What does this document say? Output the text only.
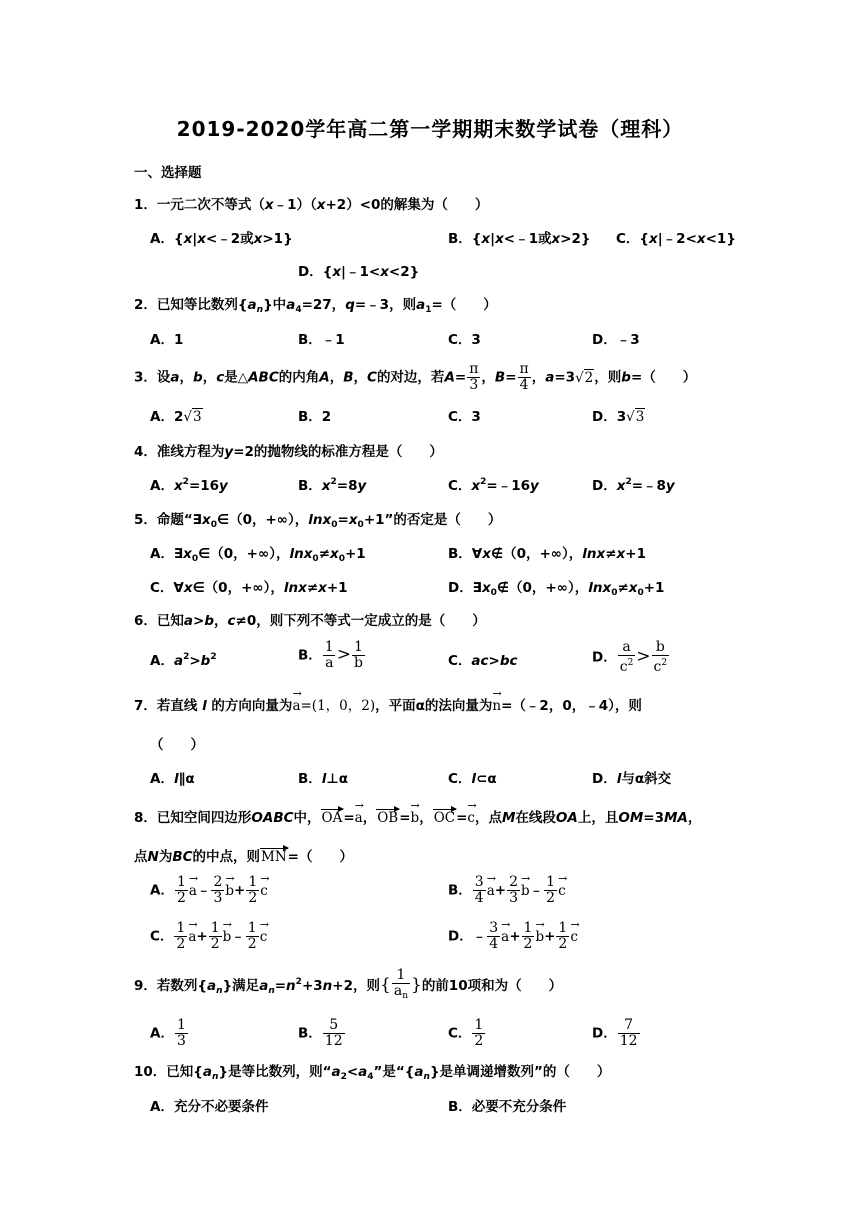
2019-2020学年高二第一学期期末数学试卷（理科）
一、选择题
1．一元二次不等式（x﹣1）（x+2）<0的解集为（　　）
A．{x|x<﹣2或x>1}	B．{x|x<﹣1或x>2} C．{x|﹣2<x<1}
D．{x|﹣1<x<2}
2．已知等比数列$\{a_n\}$中$a_4=27$，q=﹣3，则$a_1=$（　　）
A．1	B．﹣1	C．3	D．﹣3
3．设a，b，c是△ABC的内角A，B，C的对边，若$A= \frac{\pi}{3}$ ，$B= \frac{\pi}{4}$ ，a=3√2，则b=（　　）
A．2√3	B．2	C．3	D．3√3
4．准线方程为y=2的抛物线的标准方程是（　　）
A．$x^2=16y$	B．$x^2=8y$	C．$x^2=﹣16y$	D．$x^2=﹣8y$
5．命题“$\exists x_0\in(0$，+∞），$\ln x_0=x_0+1$”的否定是（　　）
A．$\exists x_0\in(0$，+∞），$\ln x_0\ne x_0+1$	B．∀x∉（0，+∞），lnx≠x+1
C．∀x∈（0，+∞），lnx≠x+1	D．$\exists x_0\notin(0$，+∞），$\ln x_0\ne x_0+1$
6．已知a>b，c≠0，则下列不等式一定成立的是（　　）
A．$a^2>b^2$	B． $\frac{1}{a} > \frac{1}{b}$	C．ac>bc	D． $\frac{a}{c^2} > \frac{b}{c^2}$
7．若直线 l 的方向向量为→ a=(1，0，2)，平面α的法向量为→ n=（﹣2，0，﹣4），则
（　　）
A．l∥α	B．l⊥α	C．l⊂α	D．l与α斜交
8．已知空间四边形OABC中，OA=→ a，OB=→ b，OC=→ c，点M在线段OA上，且OM=3MA，
点N为BC的中点，则MN=（　　）
A． $\frac{1}{2}$
→ a﹣ $\frac{2}{3}$
→ $b+ \frac{1}{2}$
→ c	B． $\frac{3}{4}$
→ $a+ \frac{2}{3}$
→ b﹣ $\frac{1}{2}$
→ c
C． $\frac{1}{2}$
→ $a+ \frac{1}{2}$
→ b﹣ $\frac{1}{2}$
→ c	D．﹣ $\frac{3}{4}$
→ $a+ \frac{1}{2}$
→ $b+ \frac{1}{2}$
→ c
9．若数列$\{a_n\}$满足$a_n=n^2+3n+2$，则{ $\frac{1}{a_n}$ }的前10项和为（　　）
A． $\frac{1}{3}$	B． $\frac{5}{12}$	C． $\frac{1}{2}$	D． $\frac{7}{12}$
10．已知$\{a_n\}$是等比数列，则“$a_2<a_4$”是“$\{a_n\}$是单调递增数列”的（　　）
A．充分不必要条件	B．必要不充分条件
